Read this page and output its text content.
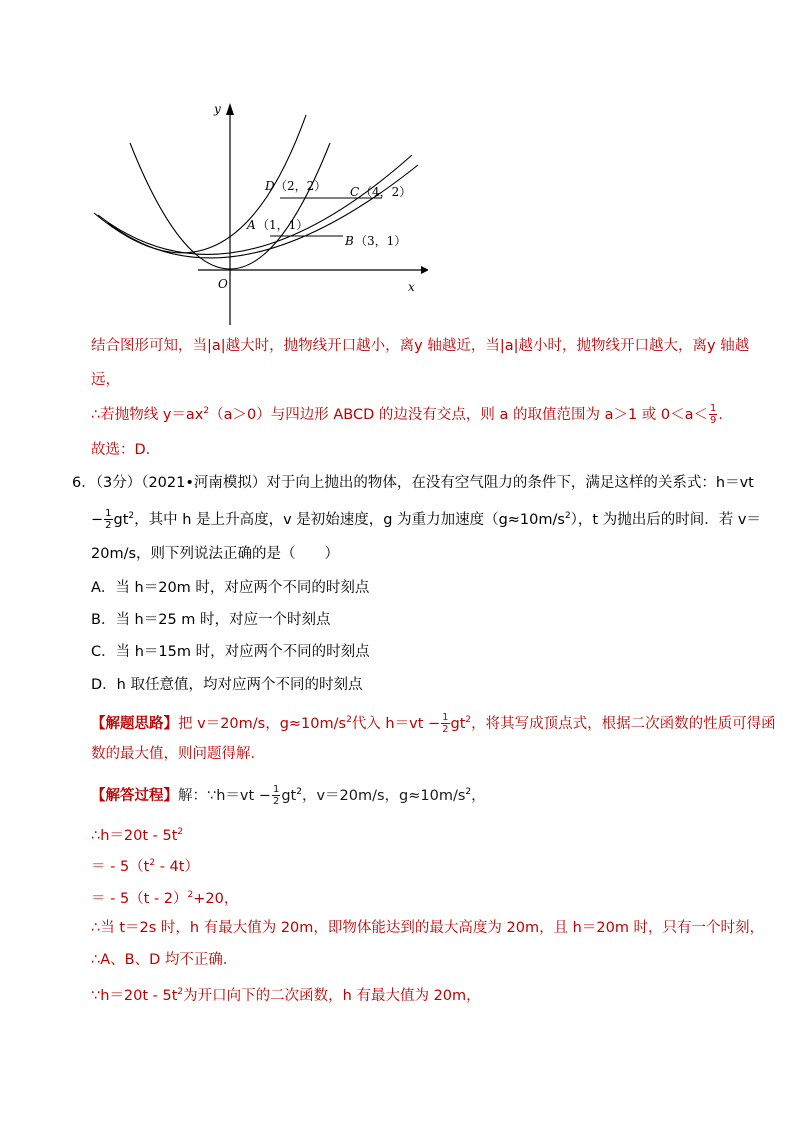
y
x
O
D （2，2） C （4，2）
A （1，1）
B （3，1）
结合图形可知，当|a|越大时，抛物线开口越小，离y 轴越近，当|a|越小时，抛物线开口越大，离y 轴越
远，
∴若抛物线 $y=ax^2(a>0)$与四边形 ABCD 的边没有交点，则 a 的取值范围为 a＞1 或 $0<a< \frac{1}{9}$ ．
故选：D．
6．（3分）（2021•河南模拟）对于向上抛出的物体，在没有空气阻力的条件下，满足这样的关系式：h＝vt
− $\frac{1}{2} gt^2$，其中 h 是上升高度，v 是初始速度，g 为重力加速度$(g\approx 10m/s^2)$，t 为抛出后的时间．若 v＝
20m/s，则下列说法正确的是（　　）
A．当 h＝20m 时，对应两个不同的时刻点
B．当 h＝25 m 时，对应一个时刻点
C．当 h＝15m 时，对应两个不同的时刻点
D．h 取任意值，均对应两个不同的时刻点
【解题思路】把 v＝20m/s，$g\approx 10m/s^2$代入 $h=vt - \frac{1}{2} gt^2$，将其写成顶点式，根据二次函数的性质可得函
数的最大值，则问题得解．
【解答过程】解：∵h＝vt − $\frac{1}{2} gt^2$，v＝20m/s，$g\approx 10m/s^2$，
∴h＝20t - $5t^2$
＝ - $5(t^2 - 4t)$
＝ - 5（t - 2）$^2$+20，
∴当 t＝2s 时，h 有最大值为 20m，即物体能达到的最大高度为 20m，且 h＝20m 时，只有一个时刻，
∴A、B、D 均不正确．
∵h＝20t - $5t^2$为开口向下的二次函数，h 有最大值为 20m，
